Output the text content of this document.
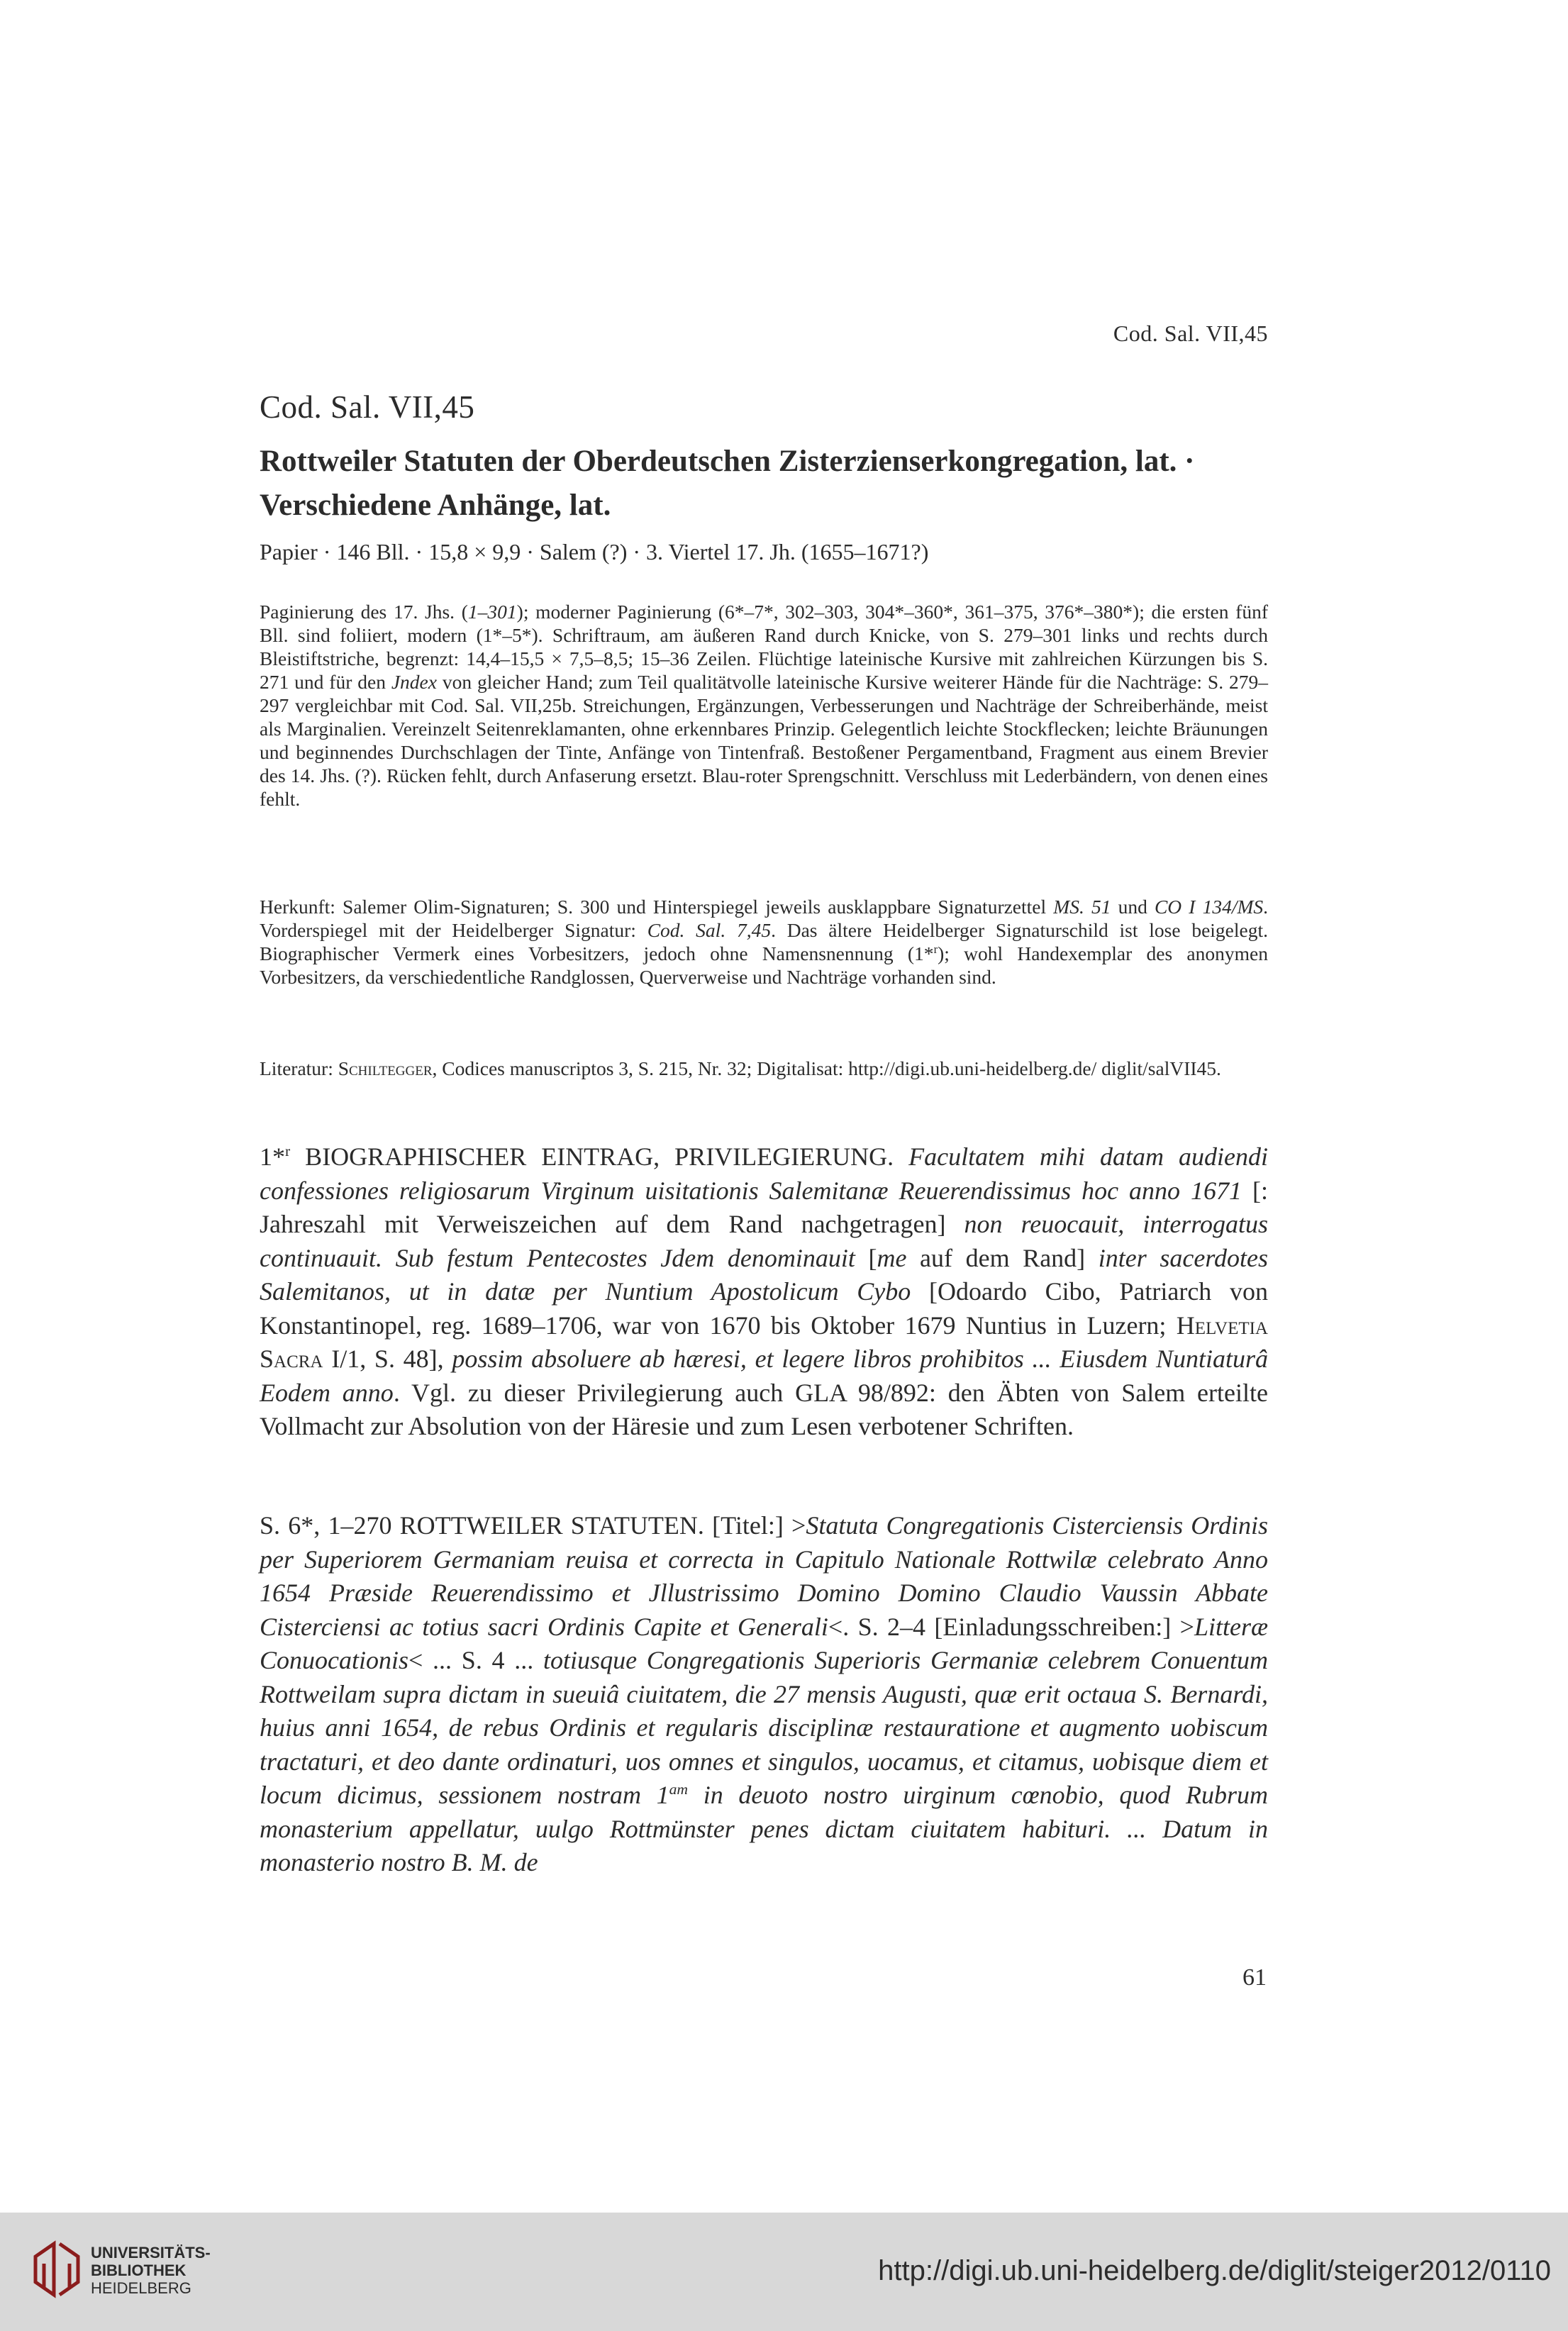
Cod. Sal. VII,45
Cod. Sal. VII,45
Rottweiler Statuten der Oberdeutschen Zisterzienserkongregation, lat. · Verschiedene Anhänge, lat.

Papier · 146 Bll. · 15,8 × 9,9 · Salem (?) · 3. Viertel 17. Jh. (1655–1671?)

Paginierung des 17. Jhs. (1–301); moderner Paginierung (6*–7*, 302–303, 304*–360*, 361–375, 376*–380*); die ersten fünf Bll. sind foliiert, modern (1*–5*). Schriftraum, am äußeren Rand durch Knicke, von S. 279–301 links und rechts durch Bleistiftstriche, begrenzt: 14,4–15,5 × 7,5–8,5; 15–36 Zeilen. Flüchtige lateinische Kursive mit zahlreichen Kürzungen bis S. 271 und für den Jndex von gleicher Hand; zum Teil qualitätvolle lateinische Kursive weiterer Hände für die Nachträge: S. 279–297 vergleichbar mit Cod. Sal. VII,25b. Streichungen, Ergänzungen, Verbesserungen und Nachträge der Schreiberhände, meist als Marginalien. Vereinzelt Seitenreklamanten, ohne erkennbares Prinzip. Gelegentlich leichte Stockflecken; leichte Bräunungen und beginnendes Durchschlagen der Tinte, Anfänge von Tintenfraß. Bestoßener Pergamentband, Fragment aus einem Brevier des 14. Jhs. (?). Rücken fehlt, durch Anfaserung ersetzt. Blau-roter Sprengschnitt. Verschluss mit Lederbändern, von denen eines fehlt.

Herkunft: Salemer Olim-Signaturen; S. 300 und Hinterspiegel jeweils ausklappbare Signaturzettel MS. 51 und CO I 134/MS. Vorderspiegel mit der Heidelberger Signatur: Cod. Sal. 7,45. Das ältere Heidelberger Signaturschild ist lose beigelegt. Biographischer Vermerk eines Vorbesitzers, jedoch ohne Namensnennung (1*$^r$); wohl Handexemplar des anonymen Vorbesitzers, da verschiedentliche Randglossen, Querverweise und Nachträge vorhanden sind.

Literatur: Schiltegger, Codices manuscriptos 3, S. 215, Nr. 32; Digitalisat: http://digi.ub.uni-heidelberg.de/ diglit/salVII45.

1*$^r$ BIOGRAPHISCHER EINTRAG, PRIVILEGIERUNG. Facultatem mihi datam audiendi confessiones religiosarum Virginum uisitationis Salemitanæ Reuerendissimus hoc anno 1671 [: Jahreszahl mit Verweiszeichen auf dem Rand nachgetragen] non reuocauit, interrogatus continuauit. Sub festum Pentecostes Jdem denominauit [me auf dem Rand] inter sacerdotes Salemitanos, ut in datæ per Nuntium Apostolicum Cybo [Odoardo Cibo, Patriarch von Konstantinopel, reg. 1689–1706, war von 1670 bis Oktober 1679 Nuntius in Luzern; Helvetia Sacra I/1, S. 48], possim absoluere ab hæresi, et legere libros prohibitos ... Eiusdem Nuntiaturâ Eodem anno. Vgl. zu dieser Privilegierung auch GLA 98/892: den Äbten von Salem erteilte Vollmacht zur Absolution von der Häresie und zum Lesen verbotener Schriften.

S. 6*, 1–270 ROTTWEILER STATUTEN. [Titel:] >Statuta Congregationis Cisterciensis Ordinis per Superiorem Germaniam reuisa et correcta in Capitulo Nationale Rottwilæ celebrato Anno 1654 Præside Reuerendissimo et Jllustrissimo Domino Domino Claudio Vaussin Abbate Cisterciensi ac totius sacri Ordinis Capite et Generali<. S. 2–4 [Einladungsschreiben:] >Litteræ Conuocationis< ... S. 4 ... totiusque Congregationis Superioris Germaniæ celebrem Conuentum Rottweilam supra dictam in sueuiâ ciuitatem, die 27 mensis Augusti, quæ erit octaua S. Bernardi, huius anni 1654, de rebus Ordinis et regularis disciplinæ restauratione et augmento uobiscum tractaturi, et deo dante ordinaturi, uos omnes et singulos, uocamus, et citamus, uobisque diem et locum dicimus, sessionem nostram $1^{am}$ in deuoto nostro uirginum cœnobio, quod Rubrum monasterium appellatur, uulgo Rottmünster penes dictam ciuitatem habituri. ... Datum in monasterio nostro B. M. de

61
UNIVERSITÄTS-
BIBLIOTHEK
HEIDELBERG
http://digi.ub.uni-heidelberg.de/diglit/steiger2012/0110
